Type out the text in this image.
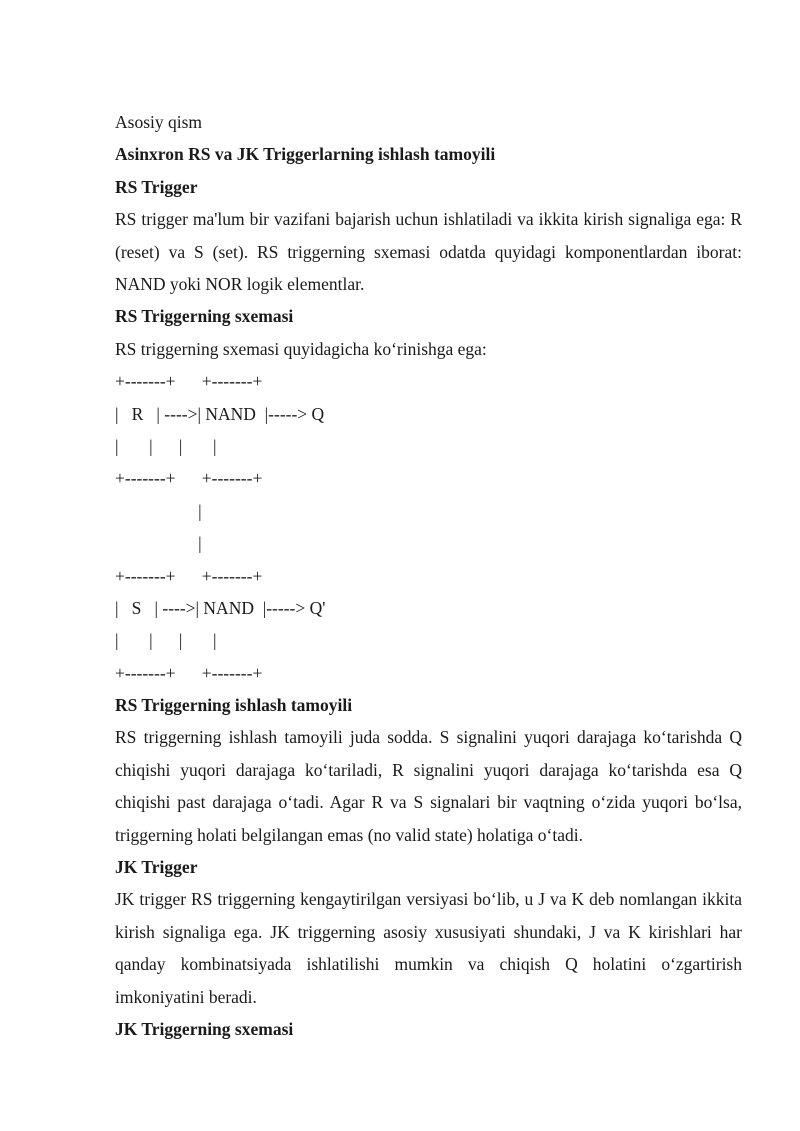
Asosiy qism
Asinxron RS va JK Triggerlarning ishlash tamoyili
RS Trigger

RS trigger ma'lum bir vazifani bajarish uchun ishlatiladi va ikkita kirish signaliga ega: R (reset) va S (set). RS triggerning sxemasi odatda quyidagi komponentlardan iborat: NAND yoki NOR logik elementlar.

RS Triggerning sxemasi
RS triggerning sxemasi quyidagicha ko‘rinishga ega:
+-------+      +-------+
|   R   | ---->| NAND  |-----> Q
|       |      |       |
+-------+      +-------+
|
|
+-------+      +-------+
|   S   | ---->| NAND  |-----> Q'
|       |      |       |
+-------+      +-------+
RS Triggerning ishlash tamoyili

RS triggerning ishlash tamoyili juda sodda. S signalini yuqori darajaga ko‘tarishda Q chiqishi yuqori darajaga ko‘tariladi, R signalini yuqori darajaga ko‘tarishda esa Q chiqishi past darajaga o‘tadi. Agar R va S signalari bir vaqtning o‘zida yuqori bo‘lsa, triggerning holati belgilangan emas (no valid state) holatiga o‘tadi.

JK Trigger

JK trigger RS triggerning kengaytirilgan versiyasi bo‘lib, u J va K deb nomlangan ikkita kirish signaliga ega. JK triggerning asosiy xususiyati shundaki, J va K kirishlari har qanday kombinatsiyada ishlatilishi mumkin va chiqish Q holatini o‘zgartirish imkoniyatini beradi.

JK Triggerning sxemasi
